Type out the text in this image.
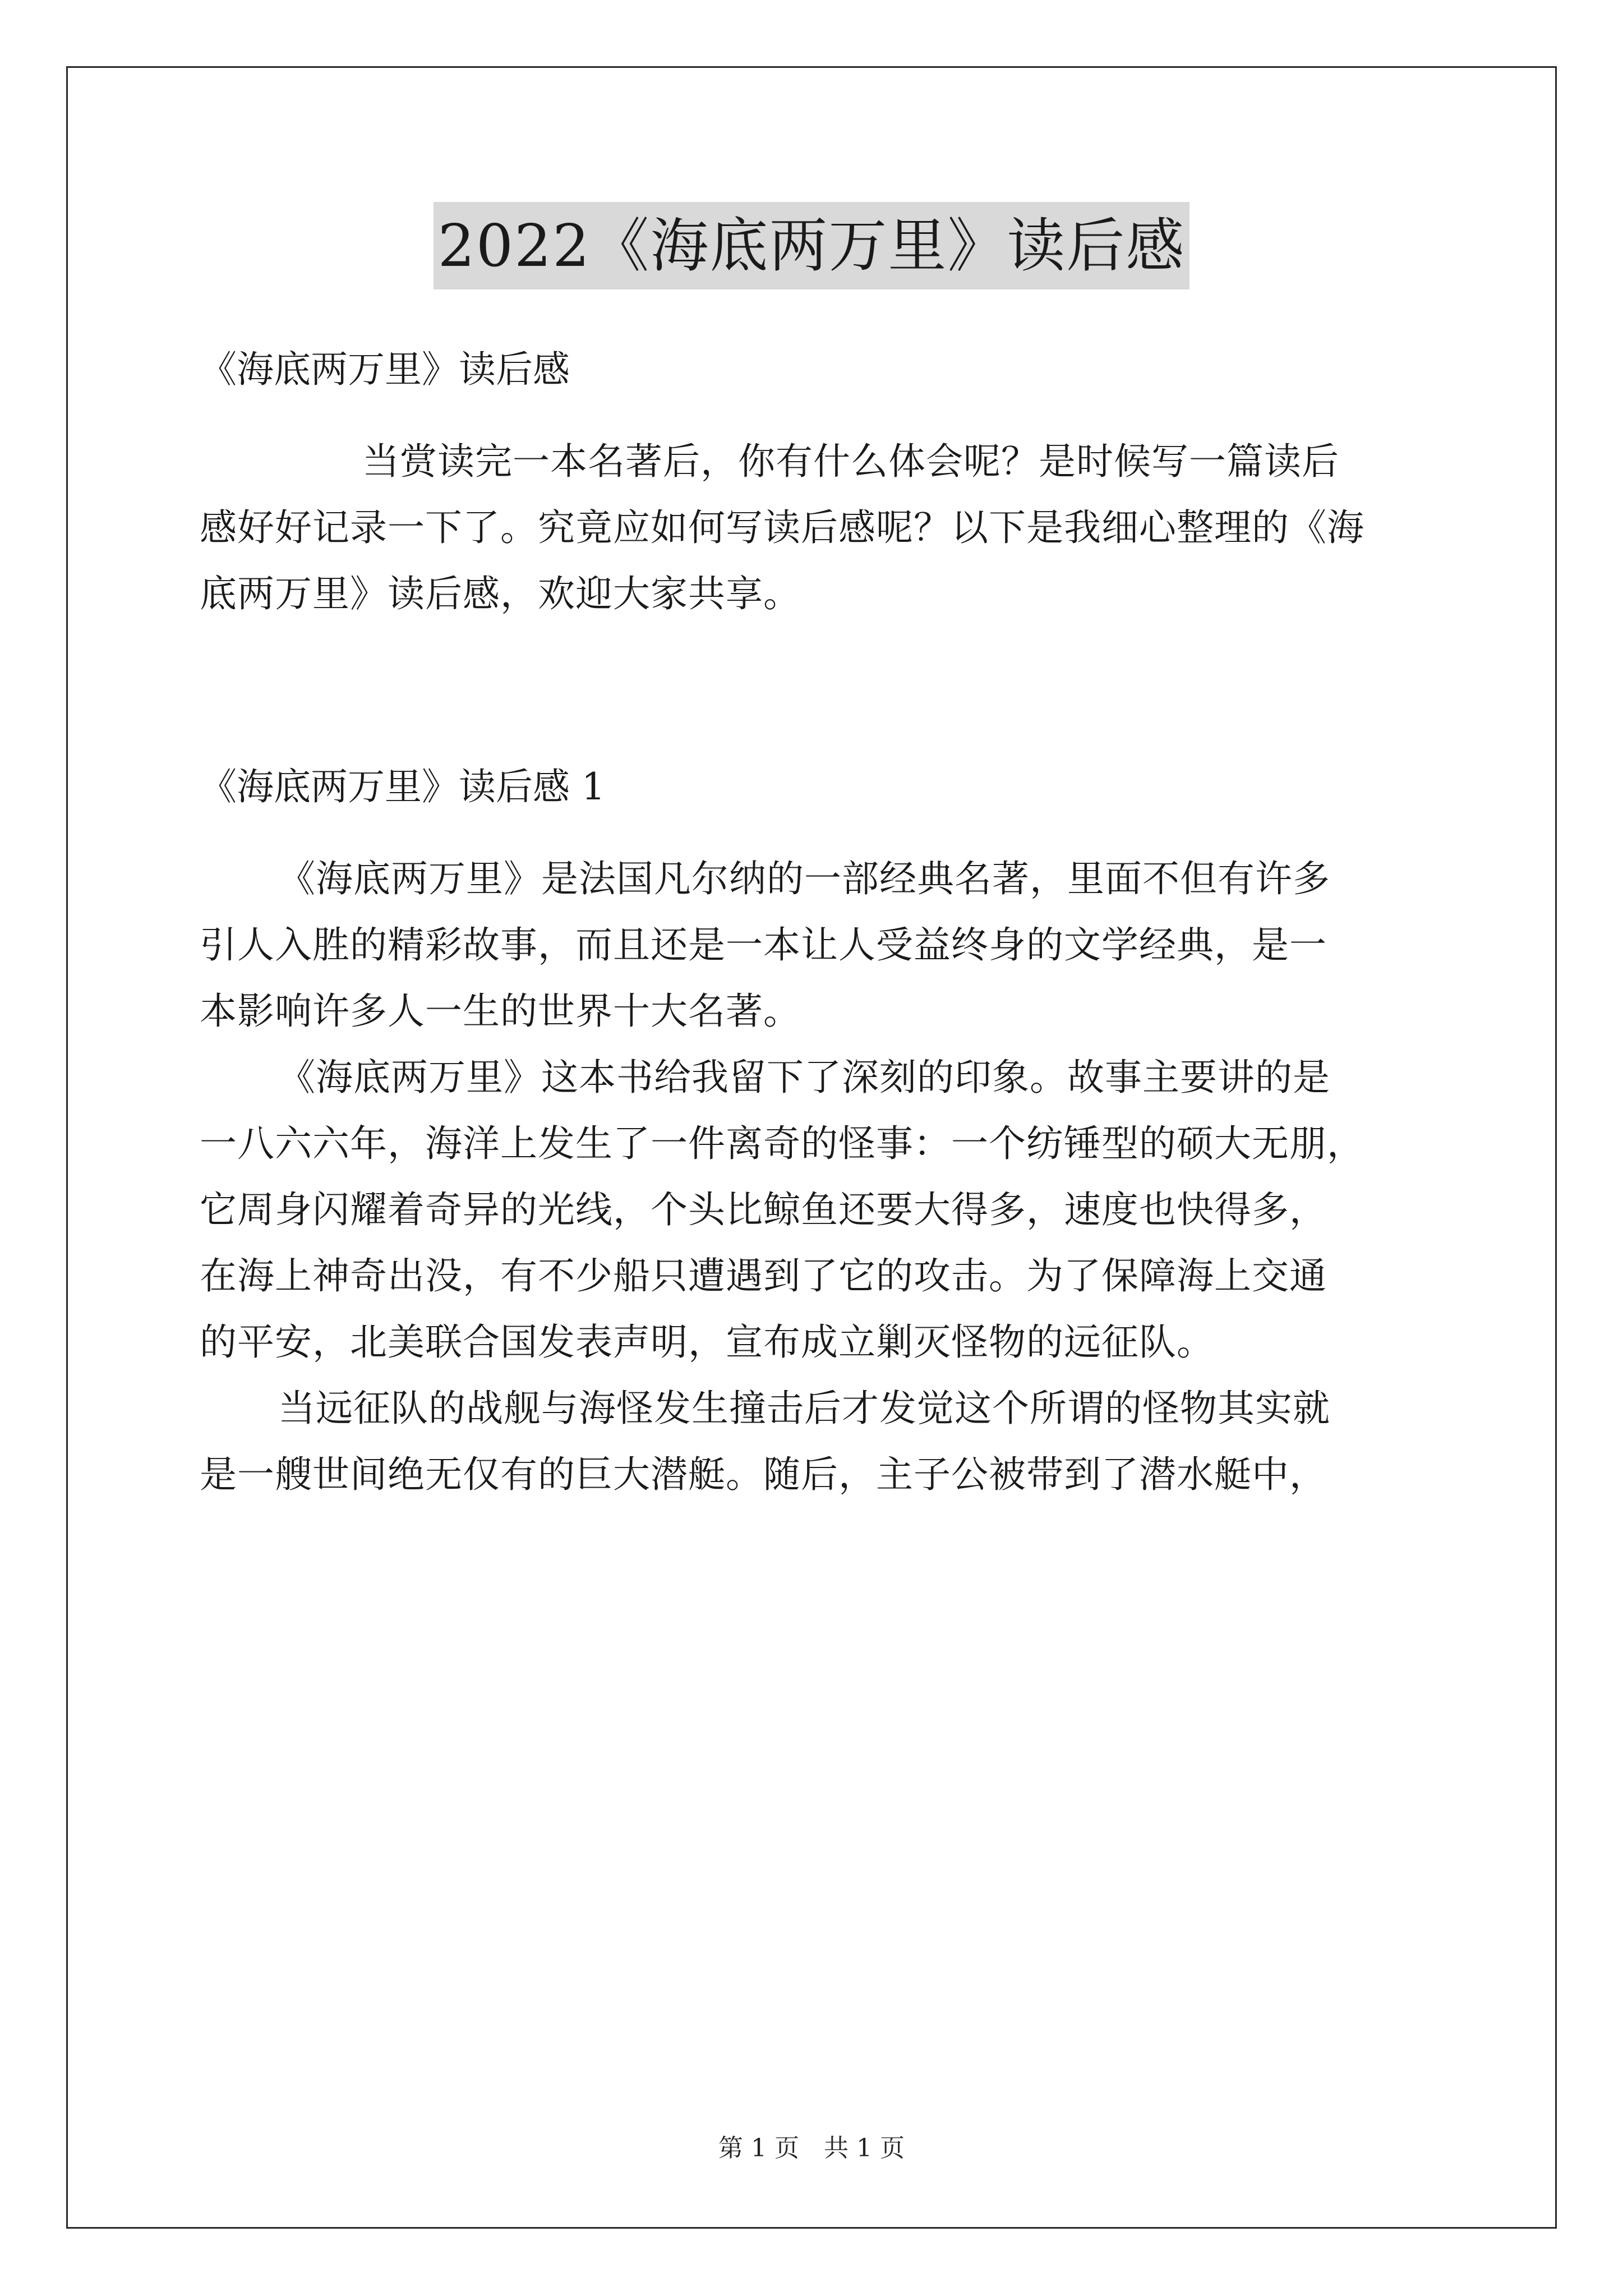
2022《海底两万里》读后感
《海底两万里》读后感
当赏读完一本名著后，你有什么体会呢？是时候写一篇读后
感好好记录一下了。究竟应如何写读后感呢？以下是我细心整理的《海
底两万里》读后感，欢迎大家共享。
《海底两万里》读后感 1
《海底两万里》是法国凡尔纳的一部经典名著，里面不但有许多
引人入胜的精彩故事，而且还是一本让人受益终身的文学经典，是一
本影响许多人一生的世界十大名著。
《海底两万里》这本书给我留下了深刻的印象。故事主要讲的是
一八六六年，海洋上发生了一件离奇的怪事：一个纺锤型的硕大无朋，
它周身闪耀着奇异的光线，个头比鲸鱼还要大得多，速度也快得多，
在海上神奇出没，有不少船只遭遇到了它的攻击。为了保障海上交通
的平安，北美联合国发表声明，宣布成立剿灭怪物的远征队。
当远征队的战舰与海怪发生撞击后才发觉这个所谓的怪物其实就
是一艘世间绝无仅有的巨大潜艇。随后，主子公被带到了潜水艇中，
第 1 页　共 1 页
